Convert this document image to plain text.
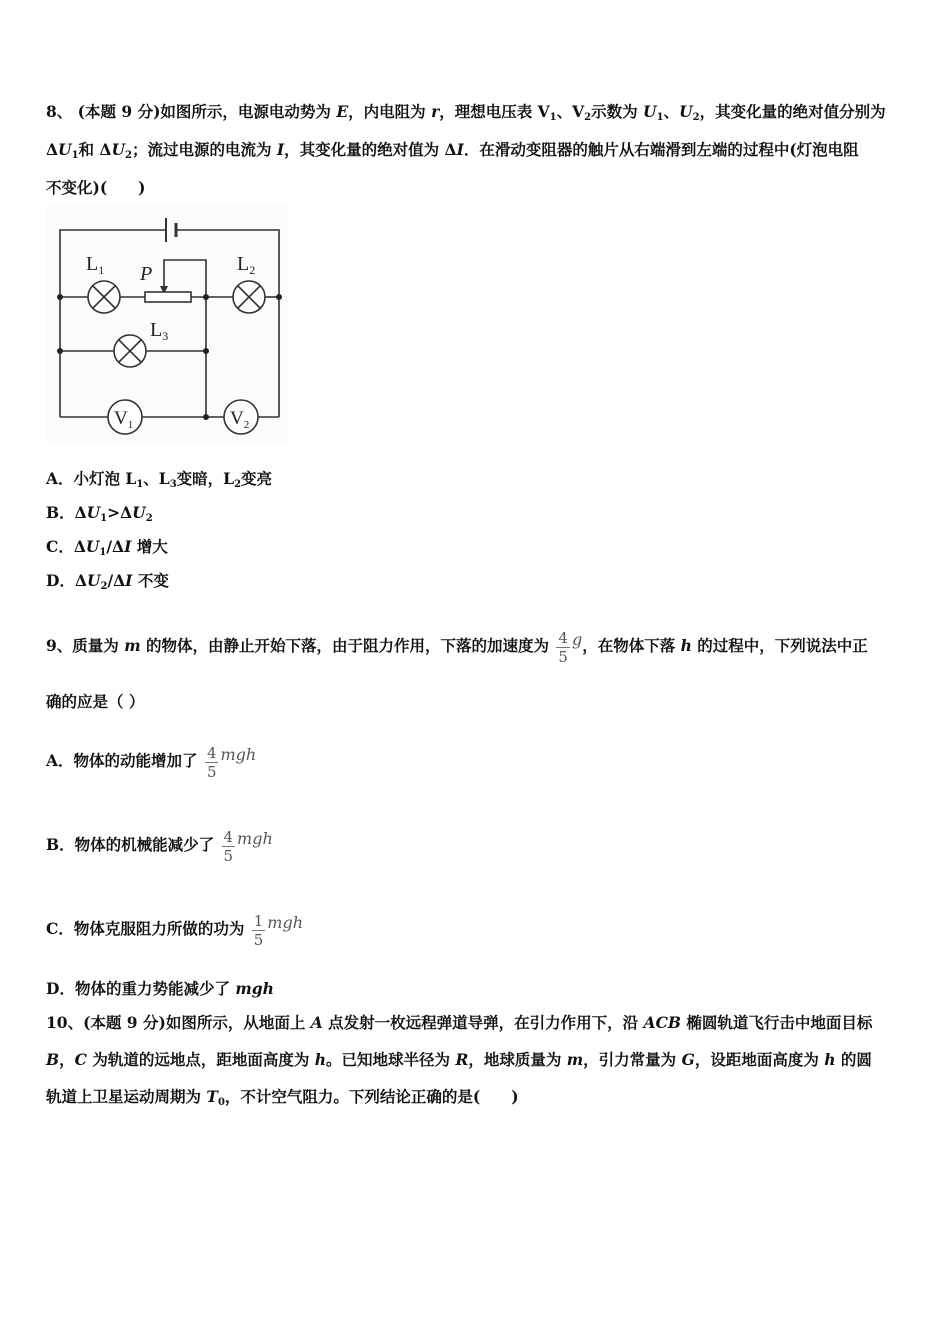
8、 (本题 9 分)如图所示，电源电动势为 E，内电阻为 r，理想电压表 $V_1$、$V_2$示数为 $U_1$、$U_2$，其变化量的绝对值分别为
$\Delta U_1$和 $\Delta U_2$；流过电源的电流为 I，其变化量的绝对值为 ΔI．在滑动变阻器的触片从右端滑到左端的过程中(灯泡电阻
不变化)(　　)
$L_1$	$L_2$
$L_3$
P
$V_1$	$V_2$
A．小灯泡 $L_1$、$L_3$变暗，$L_2$变亮
B．$\Delta U_1>\Delta U_2$
C．$\Delta U_1/\Delta I$ 增大
D．$\Delta U_2/\Delta I$ 不变
9、质量为 m 的物体，由静止开始下落，由于阻力作用，下落的加速度为 $\frac{4}{5}$ g，在物体下落 h 的过程中，下列说法中正
确的应是（ ）
A．物体的动能增加了 $\frac{4}{5}$ mgh
B．物体的机械能减少了 $\frac{4}{5}$ mgh
C．物体克服阻力所做的功为 $\frac{1}{5}$ mgh
D．物体的重力势能减少了 mgh
10、(本题 9 分)如图所示，从地面上 A 点发射一枚远程弹道导弹，在引力作用下，沿 ACB 椭圆轨道飞行击中地面目标
B，C 为轨道的远地点，距地面高度为 h。已知地球半径为 R，地球质量为 m，引力常量为 G，设距地面高度为 h 的圆
轨道上卫星运动周期为 $T_0$，不计空气阻力。下列结论正确的是(　　)
